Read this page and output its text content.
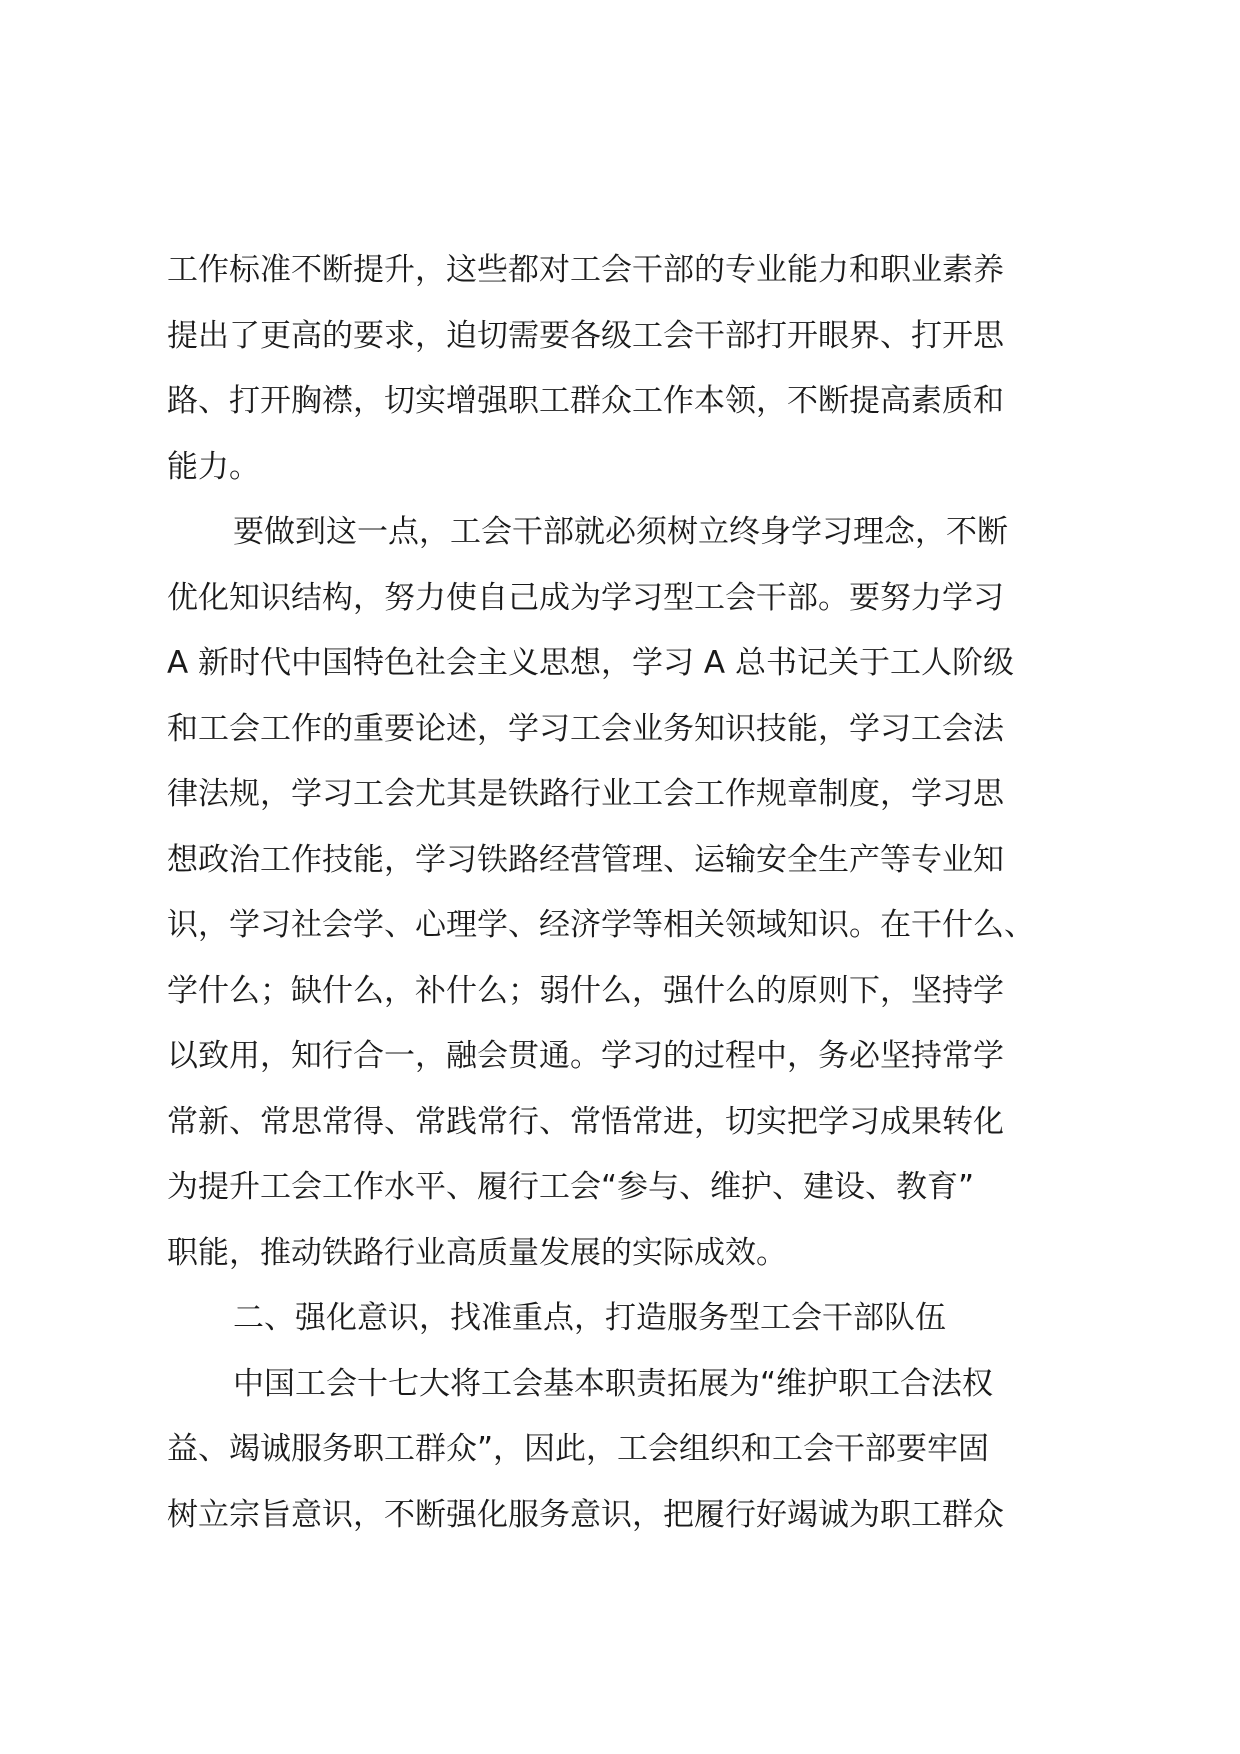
工作标准不断提升，这些都对工会干部的专业能力和职业素养
提出了更高的要求，迫切需要各级工会干部打开眼界、打开思
路、打开胸襟，切实增强职工群众工作本领，不断提高素质和
能力。
要做到这一点，工会干部就必须树立终身学习理念，不断
优化知识结构，努力使自己成为学习型工会干部。要努力学习
A 新时代中国特色社会主义思想，学习 A 总书记关于工人阶级
和工会工作的重要论述，学习工会业务知识技能，学习工会法
律法规，学习工会尤其是铁路行业工会工作规章制度，学习思
想政治工作技能，学习铁路经营管理、运输安全生产等专业知
识，学习社会学、心理学、经济学等相关领域知识。在干什么、
学什么；缺什么，补什么；弱什么，强什么的原则下，坚持学
以致用，知行合一，融会贯通。学习的过程中，务必坚持常学
常新、常思常得、常践常行、常悟常进，切实把学习成果转化
为提升工会工作水平、履行工会“参与、维护、建设、教育”
职能，推动铁路行业高质量发展的实际成效。
二、强化意识，找准重点，打造服务型工会干部队伍
中国工会十七大将工会基本职责拓展为“维护职工合法权
益、竭诚服务职工群众”，因此，工会组织和工会干部要牢固
树立宗旨意识，不断强化服务意识，把履行好竭诚为职工群众
